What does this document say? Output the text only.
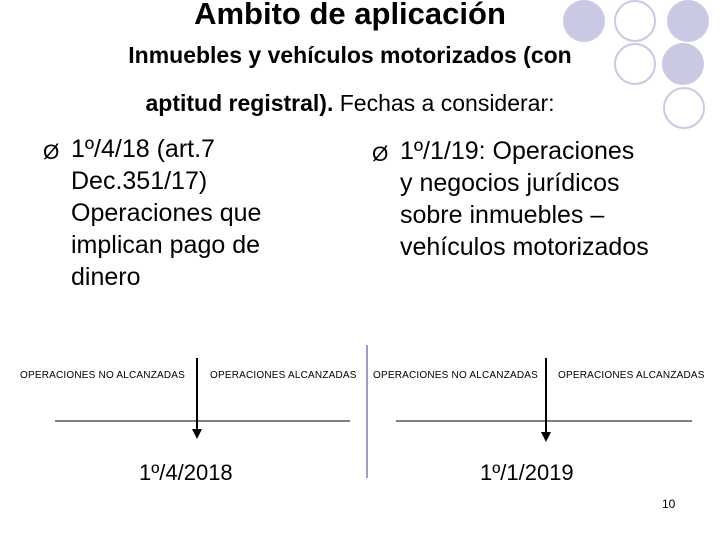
Ambito de aplicación
Inmuebles y vehículos motorizados (con
aptitud registral). Fechas a considerar:
Ø 1º/4/18 (art.7
Dec.351/17)
Operaciones que
implican pago de
dinero
Ø 1º/1/19: Operaciones
y negocios jurídicos
sobre inmuebles –
vehículos motorizados
OPERACIONES NO ALCANZADAS OPERACIONES ALCANZADAS OPERACIONES NO ALCANZADAS OPERACIONES ALCANZADAS
1º/4/2018	1º/1/2019
10
